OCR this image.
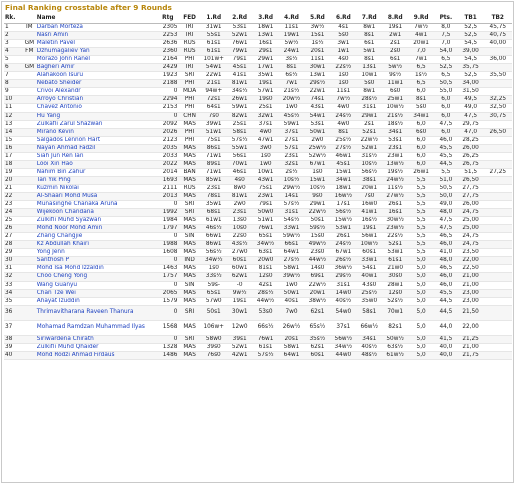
Final Ranking crosstable after 9 Rounds
Rk.		Name	Rtg	FED	1.Rd	2.Rd	3.Rd	4.Rd	5.Rd	6.Rd	7.Rd	8.Rd	9.Rd	Pts.	TB1	TB2
1	IM	Darban Morteza	2305	IRI	31w1	53s1	18w1	11s1	3w½	4s1	8w1	19s1	7w½	8,0	52,5	45,75
2		Nasri Amin	2253	IRI	55s1	52w1	13w1	19w1	15s1	5s0	8s1	2w1	4w1	7,5	52,5	40,75
3	GM	Maletin Pavel	2636	RUS	61s1	76w1	16s1	5w½	1s½	3w1	6s1	2s1	20w1	7,0	54,5	40,00
4	FM	Dzhumagaliev Yan	2360	RUS	61s1	79w1	29s1	24w1	20s1	1w1	5w1	2s0	7,0	54,0	39,00	
5		Morazo John Ranel	2164	PHI	101w+	79s1	29w1	3s½	11s1	4s0	8s1	6s1	7w1	6,5	54,5	36,00
6	GM	Bagheri Amir	2429	IRI	54w1	45s1	17w1	8s1	30w1	22s½	13s1	5w½	6,5	52,5	35,75	
7		Alahakoon Isuru	1923	SRI	22w1	41s1	35w1	6s½	13w1	1s0	10w1	9s½	1s½	6,5	52,5	35,50
8		Nebato Sheider	2188	PHI	21s1	81w1	19s1	7w1	29s½	1s0	5s0	11w1	6,5	50,5	34,00	
9		Crivoi Alexandr	0	MDA	94w+	34s½	57w1	21s½	22w1	11s1	8w1	6s0	6,0	55,0	31,50	
10		Arroyo Christian	2294	PHI	72s1	26w1	19s0	20w½	74s1	7w½	28s½	25w1	8s1	6,0	49,5	32,25
11		Chavez Antonio	2153	PHI	64s1	59w1	25s1	1w0	43s1	4w0	31s1	10w½	5s0	6,0	49,0	32,50
12		Hu Yang	0	CHN	7s0	82w1	32w1	45s½	54w1	24s½	29w1	21s½	34w1	6,0	47,5	30,75
13		Zulkafli Zarul Shazwan	2092	MAS	39w1	25s1	37s1	59w1	53s1	4w0	2s1	18s½	6,0	47,5	29,75	
14		Mirano Kevin	2026	PHI	51w1	58s1	4w0	37s1	50w1	8s1	52s1	34s1	6s0	6,0	47,0	26,50
15		Salgados Lennon Hart	2123	PHI	75s1	57s½	47w1	27s1	2w0	25s½	22w½	53s1	6,0	46,0	28,25	
16		Nayan Ahmad Fadzil	2035	MAS	86s1	55w1	3w0	57s1	25w½	27s½	52w1	23s1	6,0	45,5	26,00	
17		Siah Jun Ren Ian	2033	MAS	71w1	56s1	1s0	23s1	52w½	46w1	31s½	23w1	6,0	45,5	26,25	
18		Looi Xin Hao	2022	MAS	89s1	70w1	1w0	32s1	67w1	45s1	10s½	13w½	6,0	44,5	26,75	
19		Nahim Bin Zahur	2014	BAN	71w1	46s1	10w1	2s½	1s0	15w1	56s½	19s½	26w1	5,5	51,5	27,25
20		Tan Yik Ping	1693	MAS	85w1	4s0	43w1	10s½	15w1	34w1	38s1	24w½	5,5	51,0	26,50	
21		Kuzmin Nikolai	2111	RUS	23s1	8w0	75s1	29w½	10s½	18w1	20w1	11s½	5,5	50,5	27,75	
22		Al-Shaari Mohd Musa	2013	MAS	78s1	81w1	23w1	14s1	9s0	16w½	7s0	27w½	5,5	50,0	27,75	
23		Munasinghe Chanaka Aruna	0	SRI	35w1	2w0	79s1	57s½	29w1	17s1	16w0	26s1	5,5	49,0	26,00	
24		Wijekoon Chandana	1992	SRI	68s1	23s1	50w0	31s1	22w½	56s½	41w1	16s1	5,5	48,0	24,75	
25		Zulkifli Muhd Syazwan	1984	MAS	61w1	13s0	51w1	54s½	50s1	15w½	16s½	30w½	5,5	47,5	25,00	
26		Mohd Noor Mohd Amin	1797	MAS	46s½	10s0	76w1	33w1	59s½	53w1	19s1	23w½	5,5	47,5	25,00	
27		Zhang Changjie	0	SIN	66w1	22s0	65s1	59w½	15s0	26s1	56w1	22s½	5,5	46,5	24,75	
28		Kz Abdullah Khairi	1988	MAS	86w1	43s½	34w½	66s1	49w½	24s½	10w½	52s1	5,5	46,0	24,75	
29		Yong Jenn	1608	MAS	56s½	27w0	63s1	64w1	23s0	67w1	60s1	53w1	5,5	41,0	23,50	
30		Santhosh P	0	IND	34w½	60s1	20w0	27s½	44w½	26s½	33w1	61s1	5,0	48,0	22,00	
31		Mohd Isa Mohd Izzaldin	1463	MAS	1s0	60w1	81s1	58w1	14s0	36w½	54s1	21w0	5,0	46,5	22,50	
32		Choo Cheng Yong	1757	MAS	33s½	62w1	12s0	39w½	69s1	29s½	40w1	30s0	5,0	46,0	21,00	
33		Wang Guanyu	0	SIN	59s-	-0	42s1	1w0	22w½	31s1	43s0	28w1	5,0	46,0	21,00	
34		Chan Tze Wei	2065	MAS	65s1	9w½	28s½	50w1	20w1	14w0	25s½	12s0	5,0	45,5	23,00	
35		Ahayat Izuddin	1579	MAS	57w0	19s1	44w½	40s1	38w½	40s½	35w0	52s½	5,0	44,5	23,00	
36		Thrimavitharana Raveen Thanura	0	SRI	50s1	30w1	53s0	7w0	62s1	54w0	58s1	70w1	5,0	44,5	21,50	
37		Mohamad Ramdzan Muhammad Ilyas	1568	MAS	106w+	12w0	66s½	26w½	65s½	37s1	66w½	82s1	5,0	44,0	22,00	
38		Siriwardena Chirath	0	SRI	58w0	39s1	76w1	20s1	35s½	56w½	34s1	50w½	5,0	41,5	21,25	
39		Zulkifli Muhd Qhaider	1328	MAS	39s0	52w1	61s1	58w1	62s1	34w½	40s½	63s½	5,0	40,0	21,00	
40		Mohd Rodzi Ahmad Firdaus	1486	MAS	76s0	42w1	57s½	64w1	60s1	44w0	48s½	61w½	5,0	40,0	21,75	
